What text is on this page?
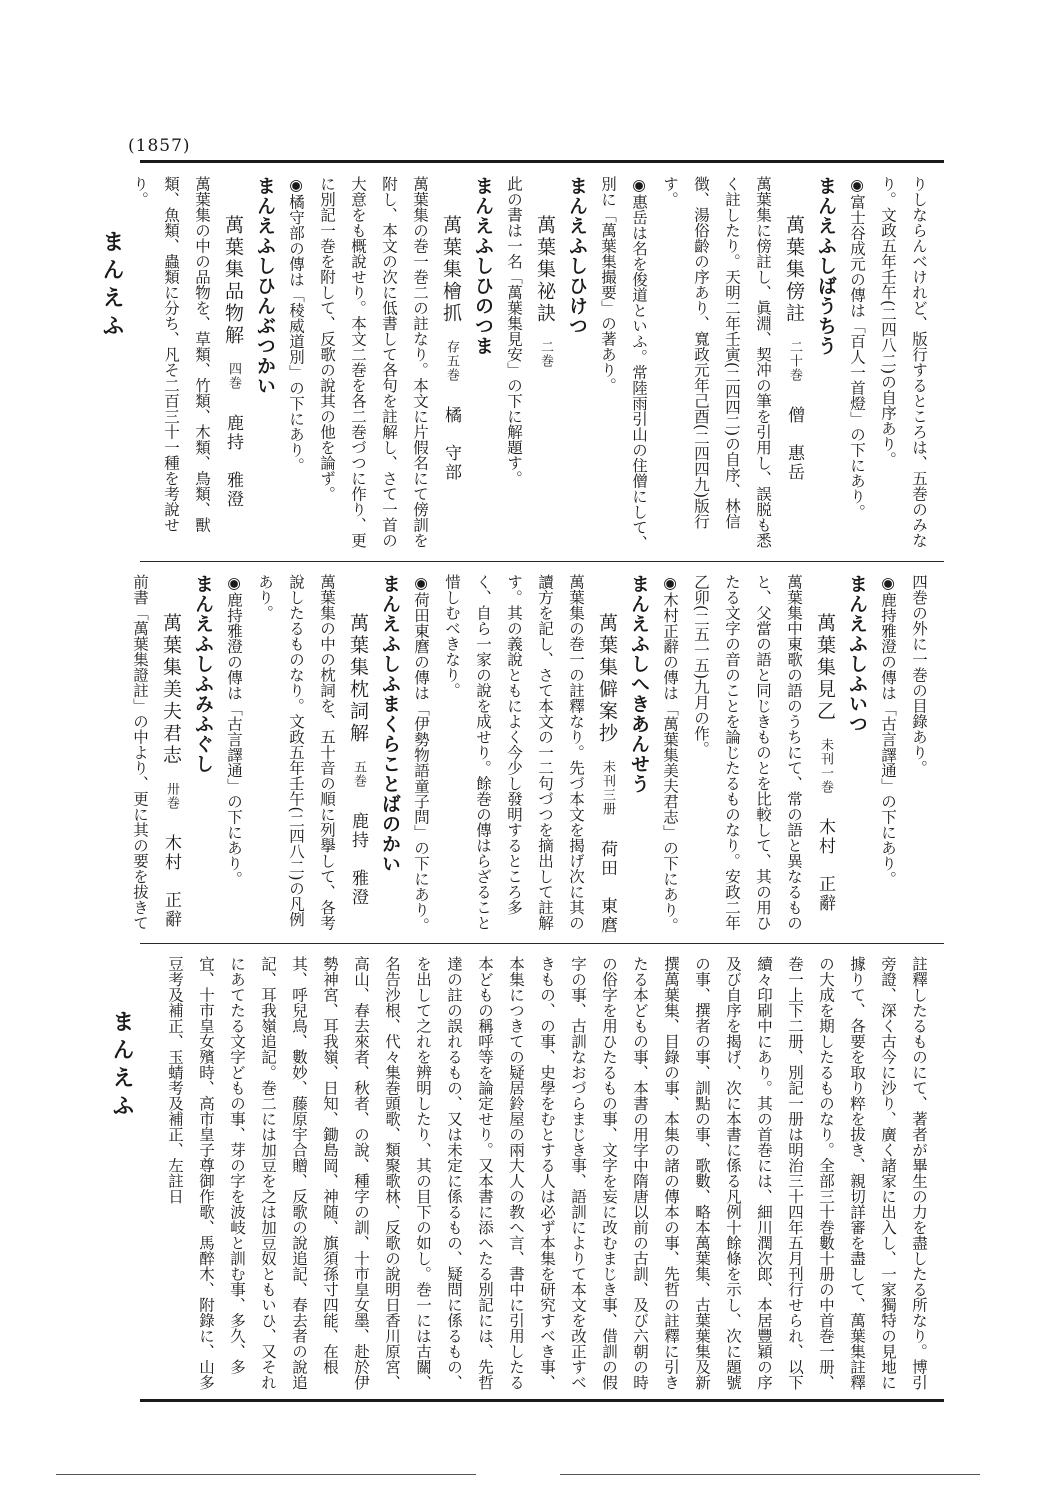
(1857)
まんえふ
まんえふ
りしならんべけれど、版行するところは、五巻のみなり。文政五年壬午(二四八二)の自序あり。
◉富士谷成元の傳は「百人一首燈」の下にあり。
まんえふしばうちう
萬葉集傍註二十巻僧　惠岳
萬葉集に傍註し、眞淵、契冲の筆を引用し、誤脱も悉く註したり。天明二年壬寅(二四四二)の自序、林信徴、湯俗齡の序あり、寬政元年己酉(二四四九)版行す。
◉惠岳は名を俊道といふ。常陸雨引山の住僧にして、別に「萬葉集撮要」の著あり。
まんえふしひけつ
萬葉集祕訣二巻
此の書は一名「萬葉集見安」の下に解題す。
まんえふしひのつま
萬葉集檜抓存五巻橘　守部
萬葉集の巻一巻二の註なり。本文に片假名にて傍訓を附し、本文の次に低書して各句を註解し、さて一首の大意をも概說せり。本文二巻を各二巻づつに作り、更に別記一巻を附して、反歌の說其の他を論ず。
◉橘守部の傳は「稜威道別」の下にあり。
まんえふしひんぶつかい
萬葉集品物解四巻鹿持　雅澄
萬葉集の中の品物を、草類、竹類、木類、鳥類、獸類、魚類、蟲類に分ち、凡そ二百三十一種を考說せり。
四巻の外に一巻の目錄あり。
◉鹿持雅澄の傳は「古言譯通」の下にあり。
まんえふしふいつ
萬葉集見乙未刊一巻木村　正辭
萬葉集中東歌の語のうちにて、常の語と異なるものと、父當の語と同じきものとを比較して、其の用ひたる文字の音のことを論じたるものなり。安政二年乙卯(二五一五)九月の作。
◉木村正辭の傳は「萬葉集美夫君志」の下にあり。
まんえふしへきあんせう
萬葉集僻案抄未刊三册荷田　東麿
萬葉集の巻一の註釋なり。先づ本文を揭げ次に其の讀方を記し、さて本文の一二句づつを摘出して註解す。其の義說ともによく今少し發明するところ多く、自ら一家の說を成せり。餘巻の傳はらざること惜しむべきなり。
◉荷田東麿の傳は「伊勢物語童子問」の下にあり。
まんえふしふまくらことばのかい
萬葉集枕詞解五巻鹿持　雅澄
萬葉集の中の枕詞を、五十音の順に列擧して、各考說したるものなり。文政五年壬午(二四八二)の凡例あり。
◉鹿持雅澄の傳は「古言譯通」の下にあり。
まんえふしふみふぐし
萬葉集美夫君志卅巻木村　正辭
前書「萬葉集證註」の中より、更に其の要を拔きて
註釋したるものにて、著者が畢生の力を盡したる所なり。博引旁證、深く古今に沙り、廣く諸家に出入し、一家獨特の見地に據りて、各要を取り粹を拔き、親切詳審を盡して、萬葉集註釋の大成を期したるものなり。全部三十巻數十册の中首巻一册、巻一上下二册、別記一册は明治三十四年五月刊行せられ、以下續々印刷中にあり。其の首巻には、細川潤次郎、本居豐穎の序及び自序を揭げ、次に本書に係る凡例十餘條を示し、次に題號の事、撰者の事、訓點の事、歌數、略本萬葉集、古葉葉集及新撰萬葉集、目錄の事、本集の諸の傳本の事、先哲の註釋に引きたる本どもの事、本書の用字中隋唐以前の古訓、及び六朝の時の俗字を用ひたるもの事、文字を妄に改むまじき事、借訓の假字の事、古訓なおづらまじき事、語訓によりて本文を改正すべきもの、の事、史學をむとする人は必ず本集を研究すべき事、本集につきての疑居鈴屋の兩大人の教へ言、書中に引用したる本どもの稱呼等を論定せり。又本書に添へたる別記には、先哲達の註の誤れるもの、又は未定に係るもの、疑問に係るもの、を出して之れを辨明したり、其の目下の如し。巻一には古關、名告沙根、代々集巻頭歌、類聚歌林、反歌の說明日香川原宮、高山、春去來者、秋者、の說、種字の訓、十市皇女墨、赴於伊勢神宮、耳我嶺、日知、鋤島岡、神随、旗須孫寸四能、在根其、呼兒鳥、數妙、藤原宇合贈、反歌の說追記、春去者の說追記、耳我嶺追記。巻二には加豆を之は加豆奴ともいひ、又それにあてたる文字どもの事、芽の字を波岐と訓む事、多久、多宜、十市皇女殯時、高市皇子尊御作歌、馬醉木、附錄に、山多豆考及補正、玉蜻考及補正、左註日
